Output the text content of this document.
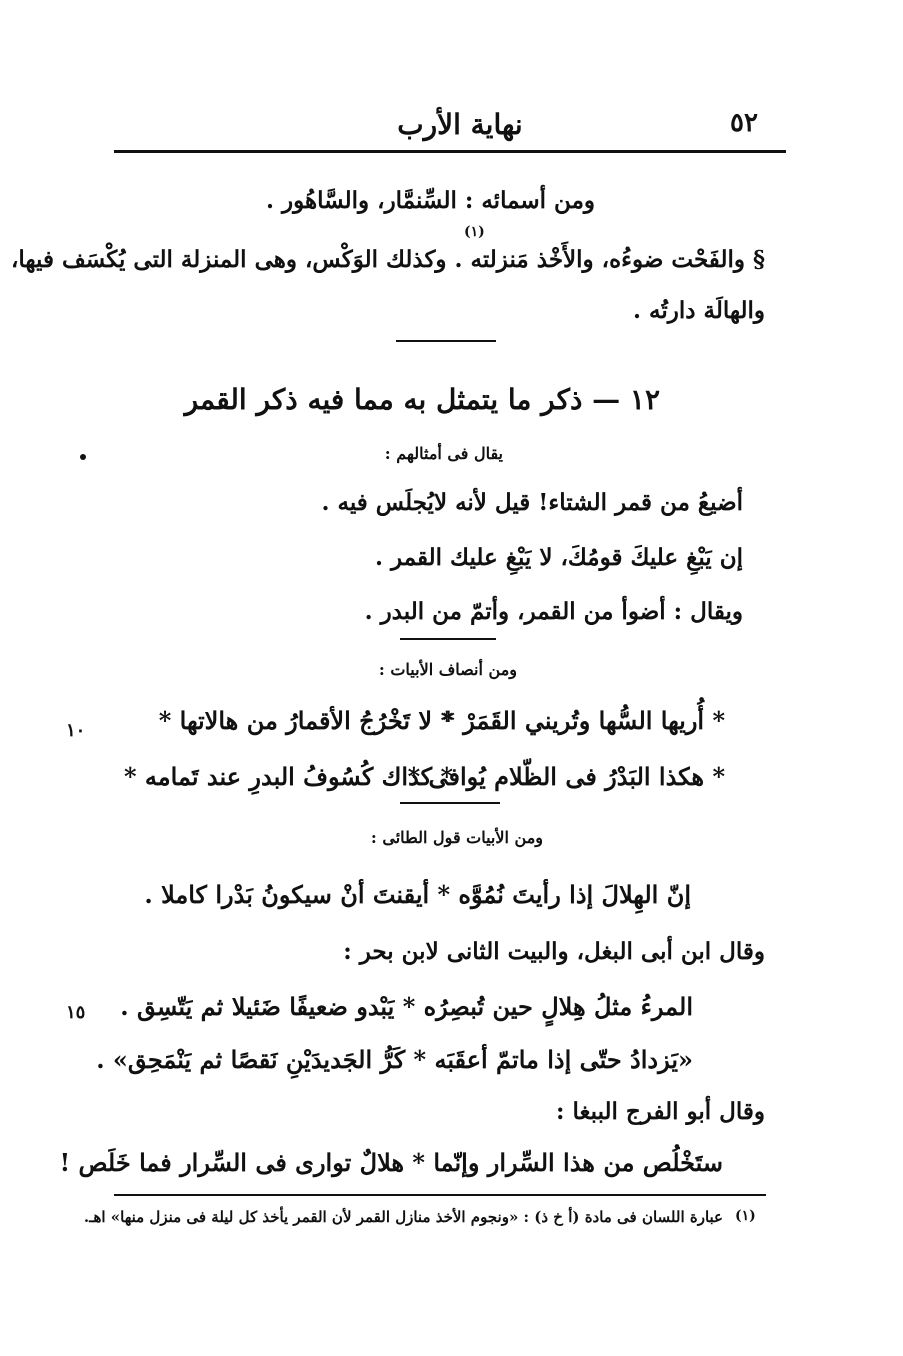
٥٢
نهاية الأرب
ومن أسمائه : السِّنمَّار، والسَّاهُور .
(١)
§ والفَحْت ضوءُه، والأَخْذ مَنزلته . وكذلك الوَكْس، وهى المنزلة التى يُكْسَف فيها،
والهالَة دارتُه .
١٢ — ذكر ما يتمثل به مما فيه ذكر القمر
يقال فى أمثالهم :
أضيعُ من قمر الشتاء! قيل لأنه لايُجلَس فيه .
إن يَبْغِ عليكَ قومُكَ، لا يَبْغِ عليك القمر .
ويقال : أضوأ من القمر، وأتمّ من البدر .
ومن أنصاف الأبيات :
١٠	* أُريها السُّها وتُريني القَمَرْ *
* لا تَخْرُجُ الأقمارُ من هالاتها *
* هكذا البَدْرُ فى الظّلام يُوافى *
* كذاك كُسُوفُ البدرِ عند تَمامه *
ومن الأبيات قول الطائى :
إنّ الهِلالَ إذا رأيتَ نُمُوَّه * أيقنتَ أنْ سيكونُ بَدْرا كاملا .
وقال ابن أبى البغل، والبيت الثانى لابن بحر :
١٥ المرءُ مثلُ هِلالٍ حين تُبصِرُه * يَبْدو ضعيفًا ضَئيلا ثم يَتّسِق .
«يَزدادُ حتّى إذا ماتمّ أعقَبَه * كَرُّ الجَديدَيْنِ نَقصًا ثم يَنْمَحِق» .
وقال أبو الفرج الببغا :
ستَخْلُص من هذا السِّرار وإنّما * هلالٌ توارى فى السِّرار فما خَلَص !
(١)
عبارة اللسان فى مادة (أ خ ذ) : «ونجوم الأخذ منازل القمر لأن القمر يأخذ كل ليلة فى منزل منها» اهـ.
